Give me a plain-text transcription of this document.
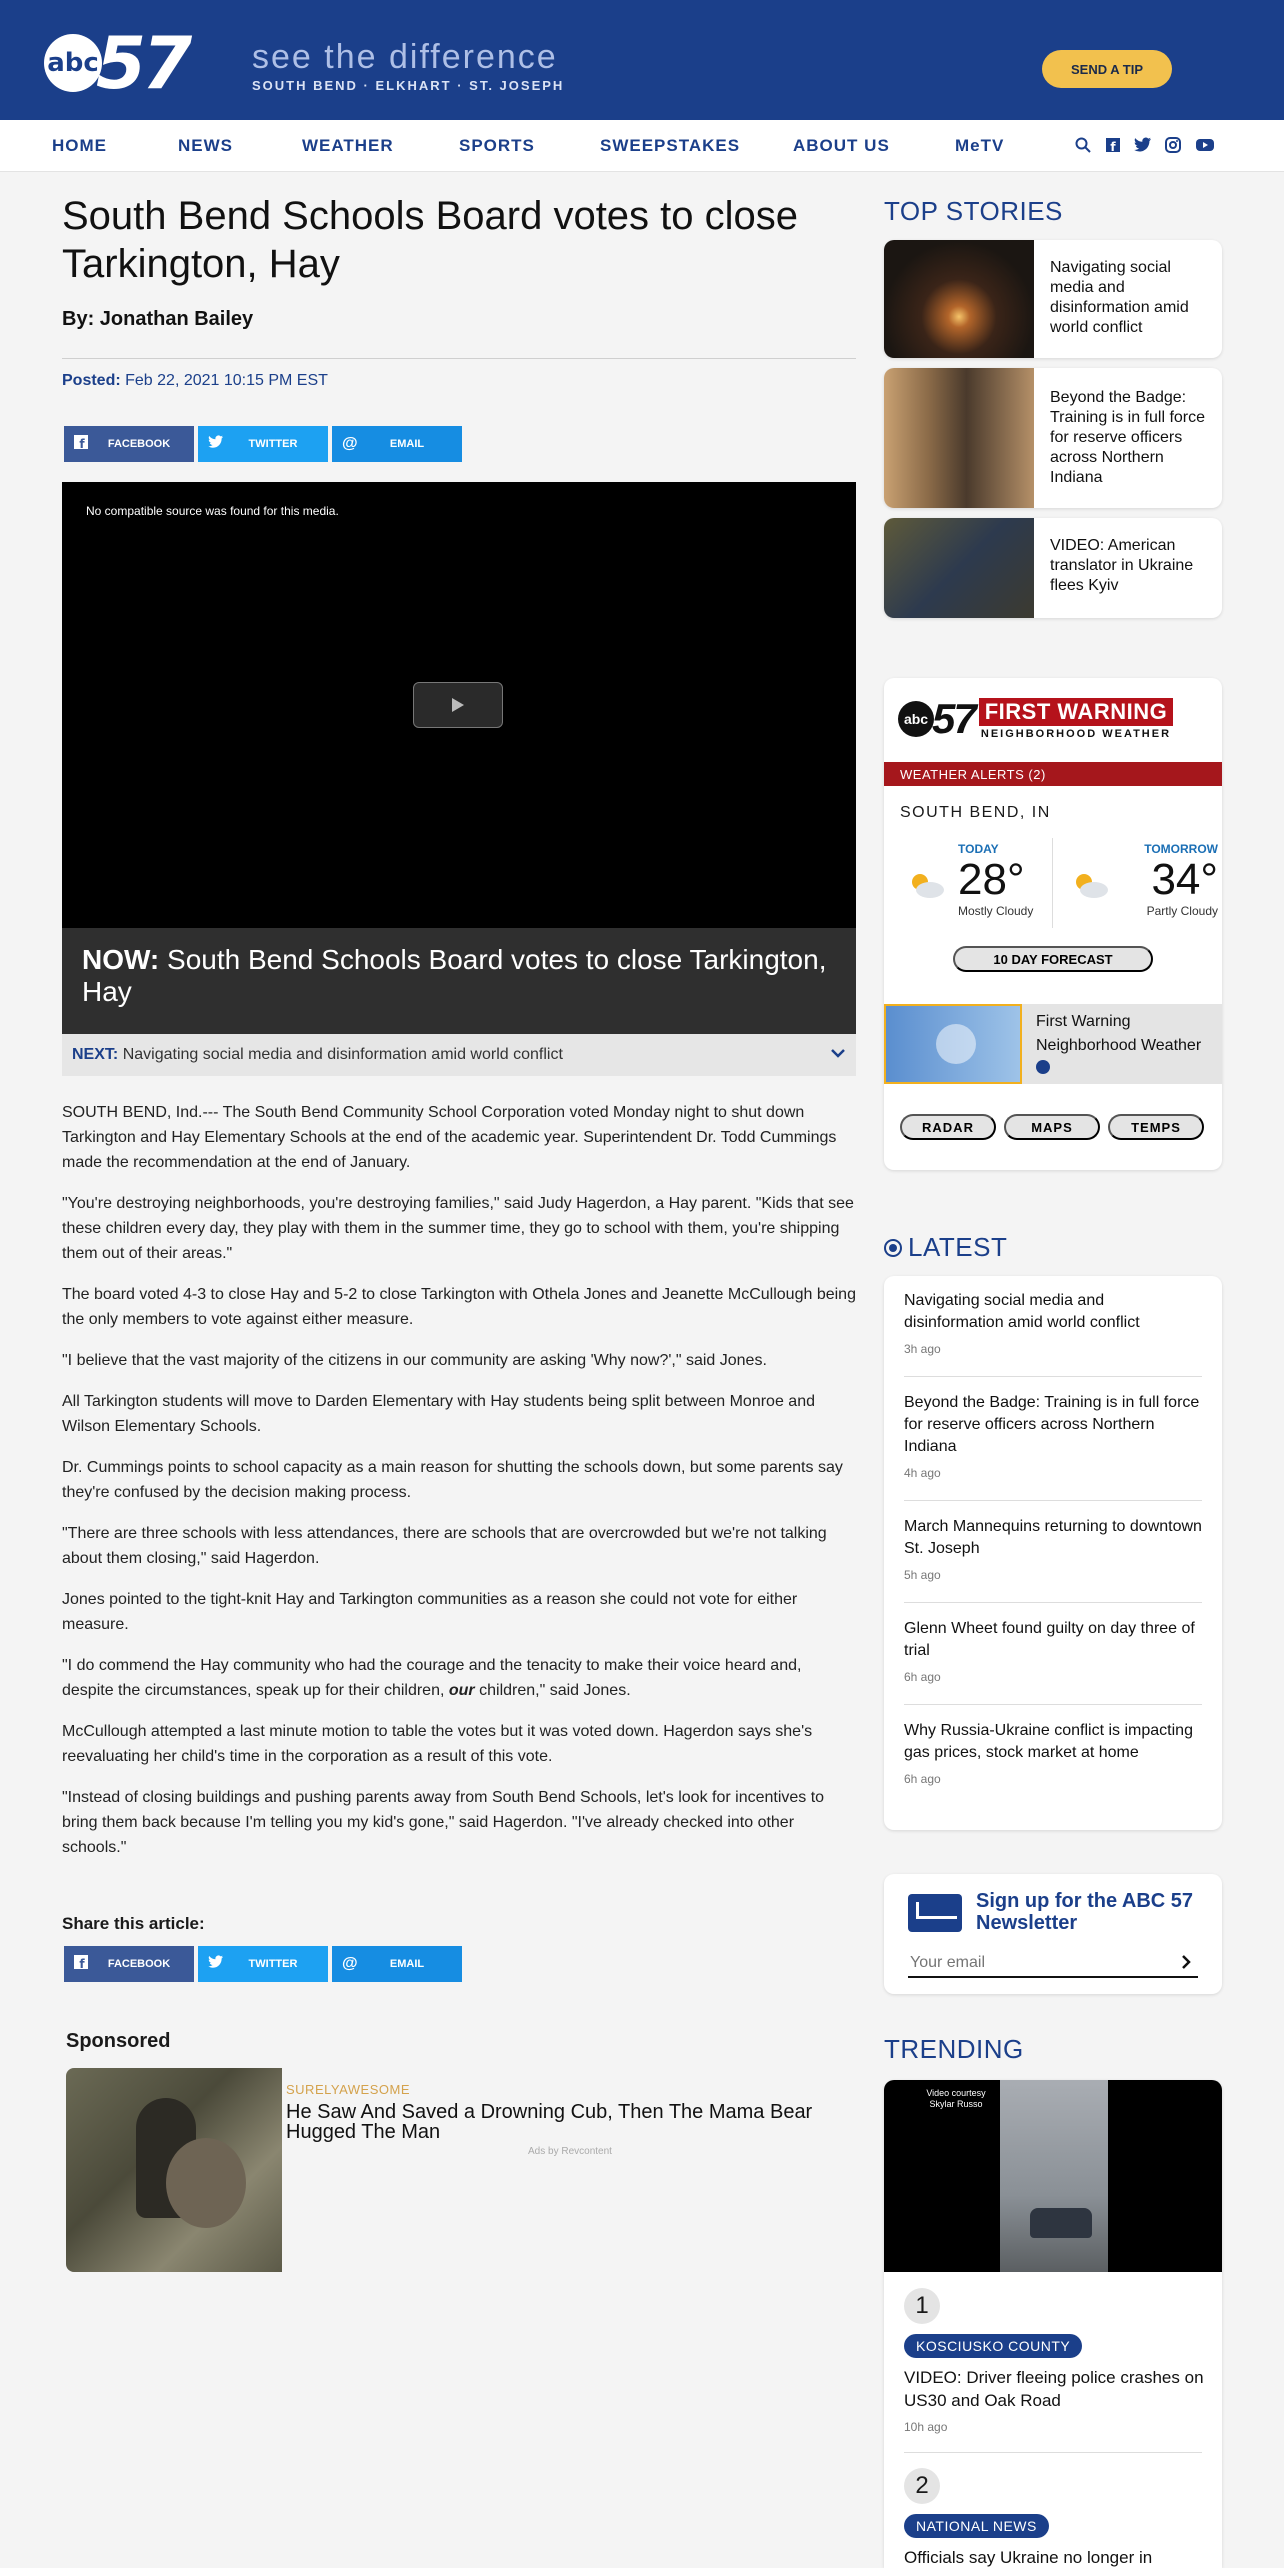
abc
57 see the difference
SOUTH BEND · ELKHART · ST. JOSEPH
SEND A TIP
HOME	NEWS	WEATHER	SPORTS	SWEEPSTAKES	ABOUT US	MeTV	f
South Bend Schools Board votes to close Tarkington, Hay
By: Jonathan Bailey
Posted: Feb 22, 2021 10:15 PM EST
f	FACEBOOK	TWITTER	@	EMAIL
No compatible source was found for this media.
NOW: South Bend Schools Board votes to close Tarkington, Hay
NEXT: Navigating social media and disinformation amid world conflict

SOUTH BEND, Ind.--- The South Bend Community School Corporation voted Monday night to shut down Tarkington and Hay Elementary Schools at the end of the academic year. Superintendent Dr. Todd Cummings made the recommendation at the end of January.

"You're destroying neighborhoods, you're destroying families," said Judy Hagerdon, a Hay parent. "Kids that see these children every day, they play with them in the summer time, they go to school with them, you're shipping them out of their areas."

The board voted 4-3 to close Hay and 5-2 to close Tarkington with Othela Jones and Jeanette McCullough being the only members to vote against either measure.

"I believe that the vast majority of the citizens in our community are asking 'Why now?'," said Jones.

All Tarkington students will move to Darden Elementary with Hay students being split between Monroe and Wilson Elementary Schools.

Dr. Cummings points to school capacity as a main reason for shutting the schools down, but some parents say they're confused by the decision making process.

"There are three schools with less attendances, there are schools that are overcrowded but we're not talking about them closing," said Hagerdon.

Jones pointed to the tight-knit Hay and Tarkington communities as a reason she could not vote for either measure.

"I do commend the Hay community who had the courage and the tenacity to make their voice heard and, despite the circumstances, speak up for their children, our children," said Jones.

McCullough attempted a last minute motion to table the votes but it was voted down. Hagerdon says she's reevaluating her child's time in the corporation as a result of this vote.

"Instead of closing buildings and pushing parents away from South Bend Schools, let's look for incentives to bring them back because I'm telling you my kid's gone," said Hagerdon. "I've already checked into other schools."

Share this article:
f	FACEBOOK	TWITTER	@	EMAIL
Sponsored
SURELYAWESOME
He Saw And Saved a Drowning Cub, Then The Mama Bear Hugged The Man
Ads by Revcontent
TOP STORIES
Navigating social media and disinformation amid world conflict
Beyond the Badge: Training is in full force for reserve officers across Northern Indiana
VIDEO: American translator in Ukraine flees Kyiv
abc 57 FIRST WARNING
NEIGHBORHOOD WEATHER
WEATHER ALERTS (2)
SOUTH BEND, IN
TODAY
28°
Mostly Cloudy
TOMORROW
34°
Partly Cloudy
10 DAY FORECAST
First Warning Neighborhood Weather
RADAR	MAPS	TEMPS
LATEST
Navigating social media and disinformation amid world conflict
3h ago
Beyond the Badge: Training is in full force for reserve officers across Northern Indiana
4h ago
March Mannequins returning to downtown St. Joseph
5h ago
Glenn Wheet found guilty on day three of trial
6h ago
Why Russia-Ukraine conflict is impacting gas prices, stock market at home
6h ago
Sign up for the ABC 57 Newsletter
Your email
TRENDING
Video courtesy Skylar Russo
1
KOSCIUSKO COUNTY
VIDEO: Driver fleeing police crashes on US30 and Oak Road
10h ago
2
NATIONAL NEWS
Officials say Ukraine no longer in
